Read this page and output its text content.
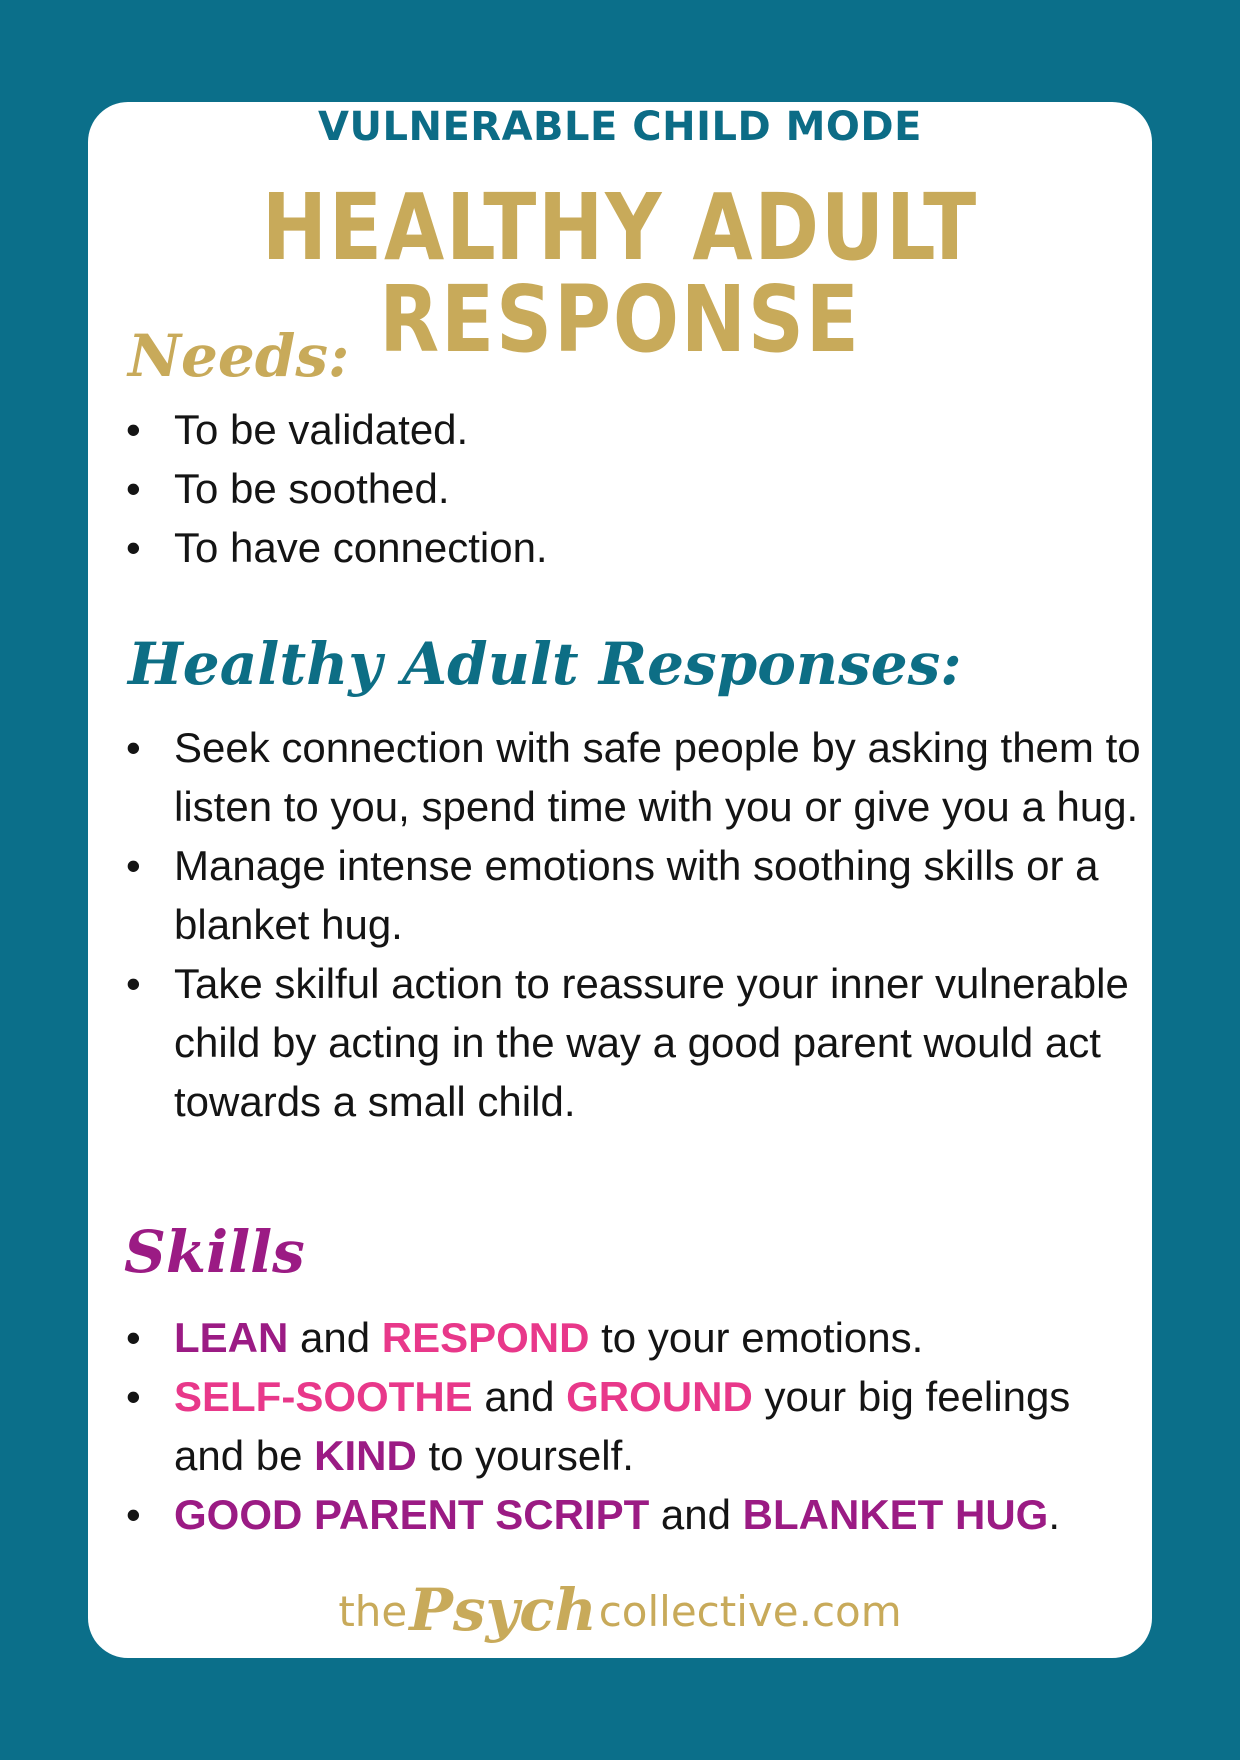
VULNERABLE CHILD MODE
HEALTHY ADULT RESPONSE
Needs:
• To be validated.
• To be soothed.
• To have connection.
Healthy Adult Responses:
• Seek connection with safe people by asking them to listen to you, spend time with you or give you a hug.
• Manage intense emotions with soothing skills or a blanket hug.
• Take skilful action to reassure your inner vulnerable child by acting in the way a good parent would act towards a small child.
Skills
• LEAN and RESPOND to your emotions.
• SELF-SOOTHE and GROUND your big feelings and be KIND to yourself.
• GOOD PARENT SCRIPT and BLANKET HUG.
thePsychcollective.com
